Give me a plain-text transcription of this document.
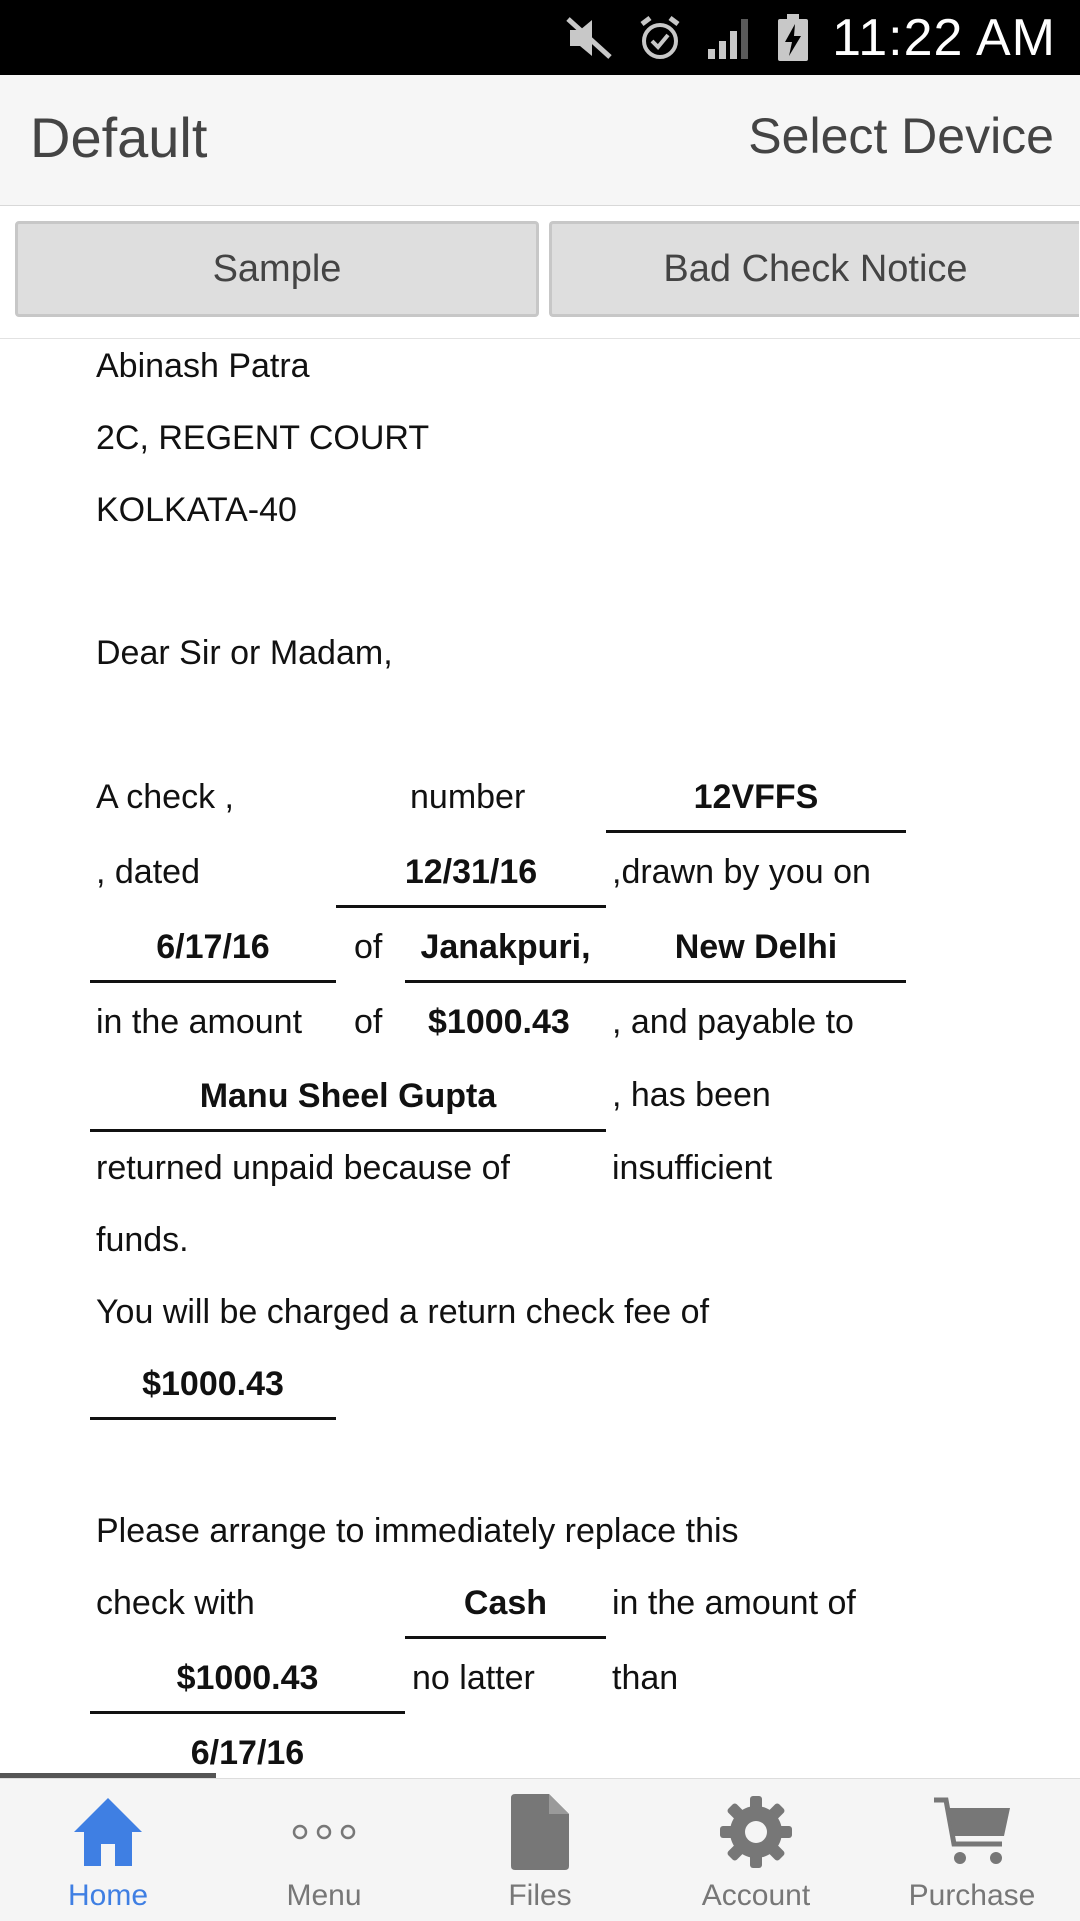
11:22 AM
Default	Select Device
Sample	Bad Check Notice
Abinash Patra
2C, REGENT COURT
KOLKATA-40
Dear Sir or Madam,
A check ,	number	12VFFS
, dated	12/31/16	,drawn by you on
6/17/16	of	Janakpuri,	New Delhi
in the amount of $1000.43 , and payable to
Manu Sheel Gupta	, has been
returned unpaid because of	insufficient
funds.
You will be charged a return check fee of
$1000.43
Please arrange to immediately replace this
check with	Cash	in the amount of
$1000.43	no latter than
6/17/16
Home	Menu	Files	Account	Purchase
